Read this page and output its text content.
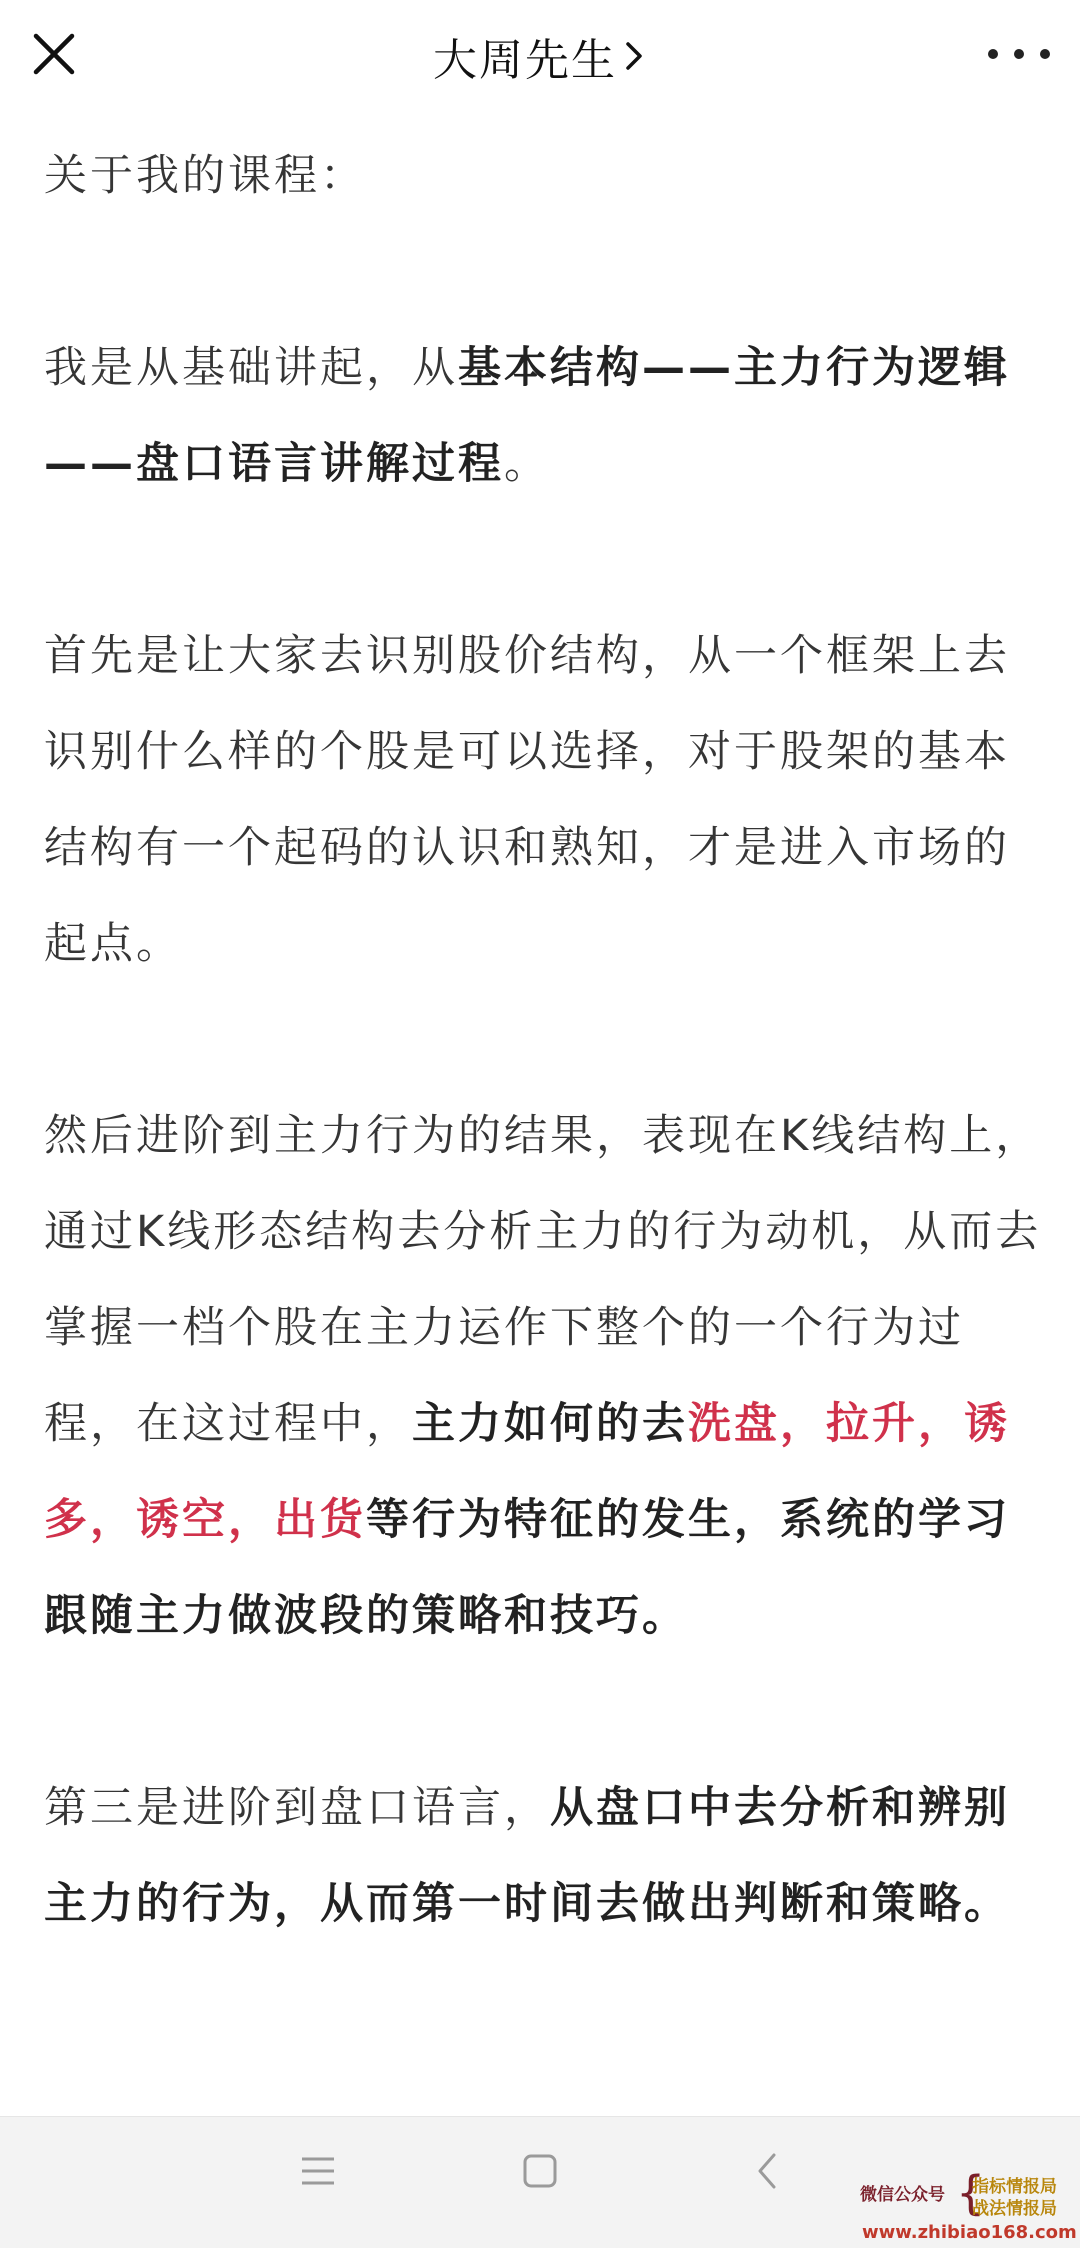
大周先生

关于我的课程：

我是从基础讲起，从基本结构——主力行为逻辑——盘口语言讲解过程。

首先是让大家去识别股价结构，从一个框架上去识别什么样的个股是可以选择，对于股架的基本结构有一个起码的认识和熟知，才是进入市场的起点。

然后进阶到主力行为的结果，表现在K线结构上，通过K线形态结构去分析主力的行为动机，从而去掌握一档个股在主力运作下整个的一个行为过程，在这过程中，主力如何的去洗盘，拉升，诱多，诱空，出货等行为特征的发生，系统的学习跟随主力做波段的策略和技巧。

第三是进阶到盘口语言，从盘口中去分析和辨别主力的行为，从而第一时间去做出判断和策略。

微信公众号 {
指标情报局
战法情报局
www.zhibiao168.com
